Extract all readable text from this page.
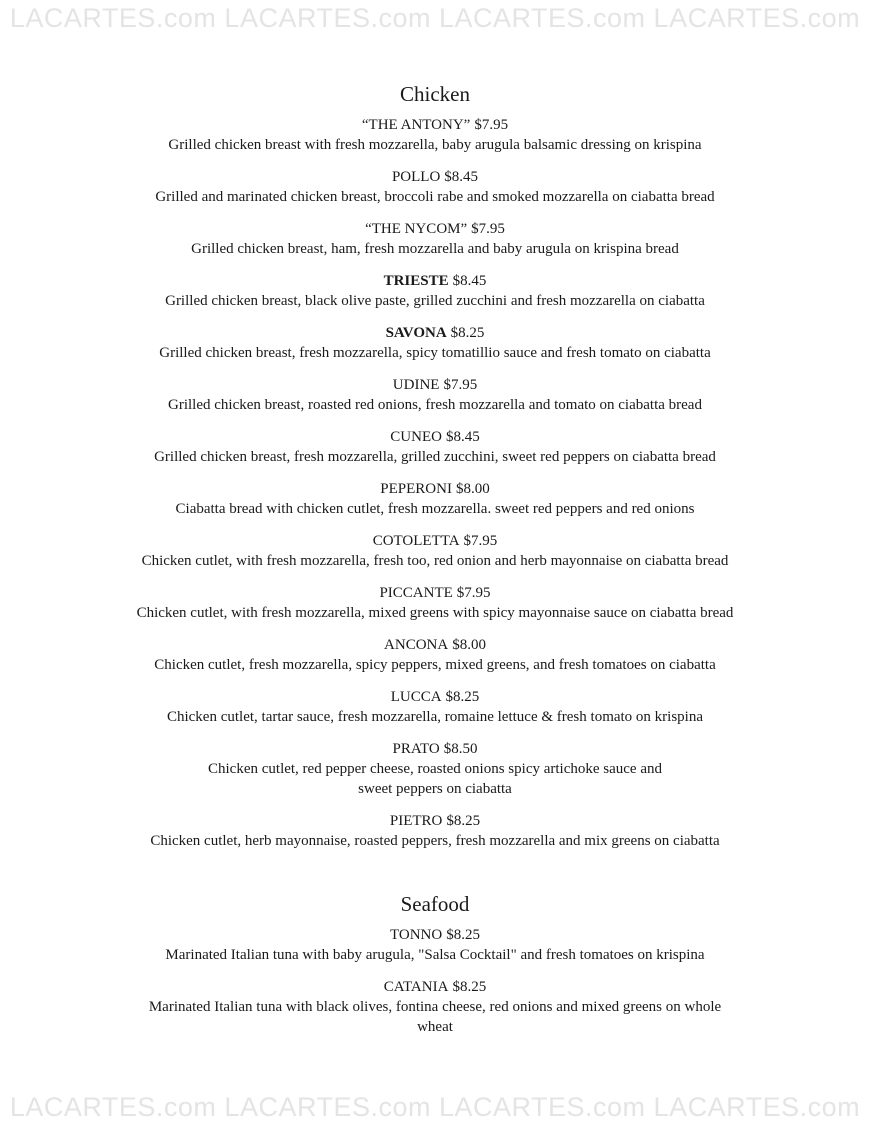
LACARTES.com LACARTES.com LACARTES.com LACARTES.com
Chicken
“THE ANTONY” $7.95
Grilled chicken breast with fresh mozzarella, baby arugula balsamic dressing on krispina
POLLO $8.45
Grilled and marinated chicken breast, broccoli rabe and smoked mozzarella on ciabatta bread
“THE NYCOM” $7.95
Grilled chicken breast, ham, fresh mozzarella and baby arugula on krispina bread
TRIESTE $8.45
Grilled chicken breast, black olive paste, grilled zucchini and fresh mozzarella on ciabatta
SAVONA $8.25
Grilled chicken breast, fresh mozzarella, spicy tomatillio sauce and fresh tomato on ciabatta
UDINE $7.95
Grilled chicken breast, roasted red onions, fresh mozzarella and tomato on ciabatta bread
CUNEO $8.45
Grilled chicken breast, fresh mozzarella, grilled zucchini, sweet red peppers on ciabatta bread
PEPERONI $8.00
Ciabatta bread with chicken cutlet, fresh mozzarella. sweet red peppers and red onions
COTOLETTA $7.95
Chicken cutlet, with fresh mozzarella, fresh too, red onion and herb mayonnaise on ciabatta bread
PICCANTE $7.95
Chicken cutlet, with fresh mozzarella, mixed greens with spicy mayonnaise sauce on ciabatta bread
ANCONA $8.00
Chicken cutlet, fresh mozzarella, spicy peppers, mixed greens, and fresh tomatoes on ciabatta
LUCCA $8.25
Chicken cutlet, tartar sauce, fresh mozzarella, romaine lettuce & fresh tomato on krispina
PRATO $8.50
Chicken cutlet, red pepper cheese, roasted onions spicy artichoke sauce and
sweet peppers on ciabatta
PIETRO $8.25
Chicken cutlet, herb mayonnaise, roasted peppers, fresh mozzarella and mix greens on ciabatta
Seafood
TONNO $8.25
Marinated Italian tuna with baby arugula, "Salsa Cocktail" and fresh tomatoes on krispina
CATANIA $8.25
Marinated Italian tuna with black olives, fontina cheese, red onions and mixed greens on whole
wheat
LACARTES.com LACARTES.com LACARTES.com LACARTES.com
